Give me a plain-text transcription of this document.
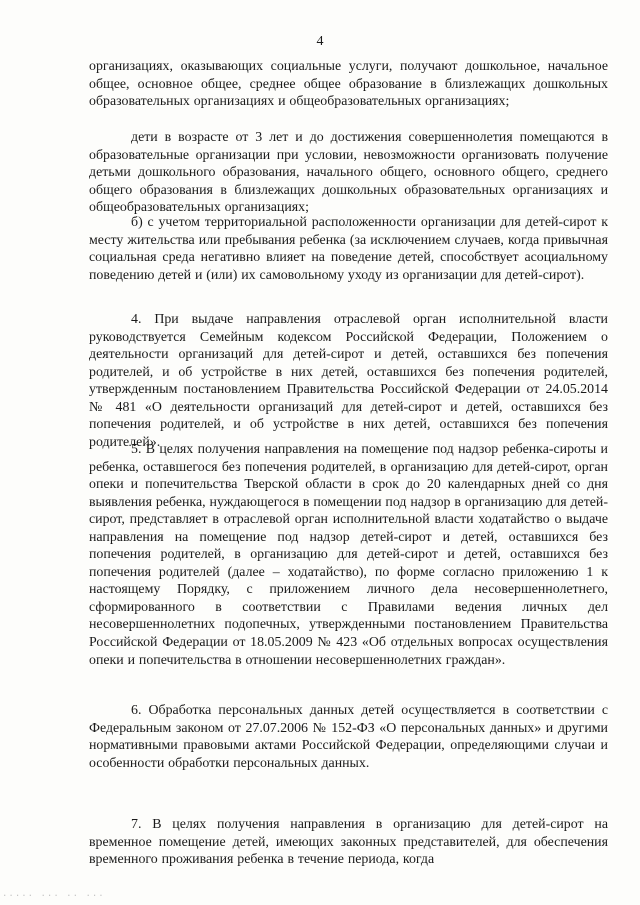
4
организациях, оказывающих социальные услуги, получают дошкольное, начальное общее, основное общее, среднее общее образование в близлежащих дошкольных образовательных организациях и общеобразовательных организациях;
дети в возрасте от 3 лет и до достижения совершеннолетия помещаются в образовательные организации при условии, невозможности организовать получение детьми дошкольного образования, начального общего, основного общего, среднего общего образования в близлежащих дошкольных образовательных организациях и общеобразовательных организациях;
б) с учетом территориальной расположенности организации для детей-сирот к месту жительства или пребывания ребенка (за исключением случаев, когда привычная социальная среда негативно влияет на поведение детей, способствует асоциальному поведению детей и (или) их самовольному уходу из организации для детей-сирот).
4. При выдаче направления отраслевой орган исполнительной власти руководствуется Семейным кодексом Российской Федерации, Положением о деятельности организаций для детей-сирот и детей, оставшихся без попечения родителей, и об устройстве в них детей, оставшихся без попечения родителей, утвержденным постановлением Правительства Российской Федерации от 24.05.2014 № 481 «О деятельности организаций для детей-сирот и детей, оставшихся без попечения родителей, и об устройстве в них детей, оставшихся без попечения родителей».
5. В целях получения направления на помещение под надзор ребенка-сироты и ребенка, оставшегося без попечения родителей, в организацию для детей-сирот, орган опеки и попечительства Тверской области в срок до 20 календарных дней со дня выявления ребенка, нуждающегося в помещении под надзор в организацию для детей-сирот, представляет в отраслевой орган исполнительной власти ходатайство о выдаче направления на помещение под надзор детей-сирот и детей, оставшихся без попечения родителей, в организацию для детей-сирот и детей, оставшихся без попечения родителей (далее – ходатайство), по форме согласно приложению 1 к настоящему Порядку, с приложением личного дела несовершеннолетнего, сформированного в соответствии с Правилами ведения личных дел несовершеннолетних подопечных, утвержденными постановлением Правительства Российской Федерации от 18.05.2009 № 423 «Об отдельных вопросах осуществления опеки и попечительства в отношении несовершеннолетних граждан».
6. Обработка персональных данных детей осуществляется в соответствии с Федеральным законом от 27.07.2006 № 152-ФЗ «О персональных данных» и другими нормативными правовыми актами Российской Федерации, определяющими случаи и особенности обработки персональных данных.
7. В целях получения направления в организацию для детей-сирот на временное помещение детей, имеющих законных представителей, для обеспечения временного проживания ребенка в течение периода, когда
..... ... .. ...
